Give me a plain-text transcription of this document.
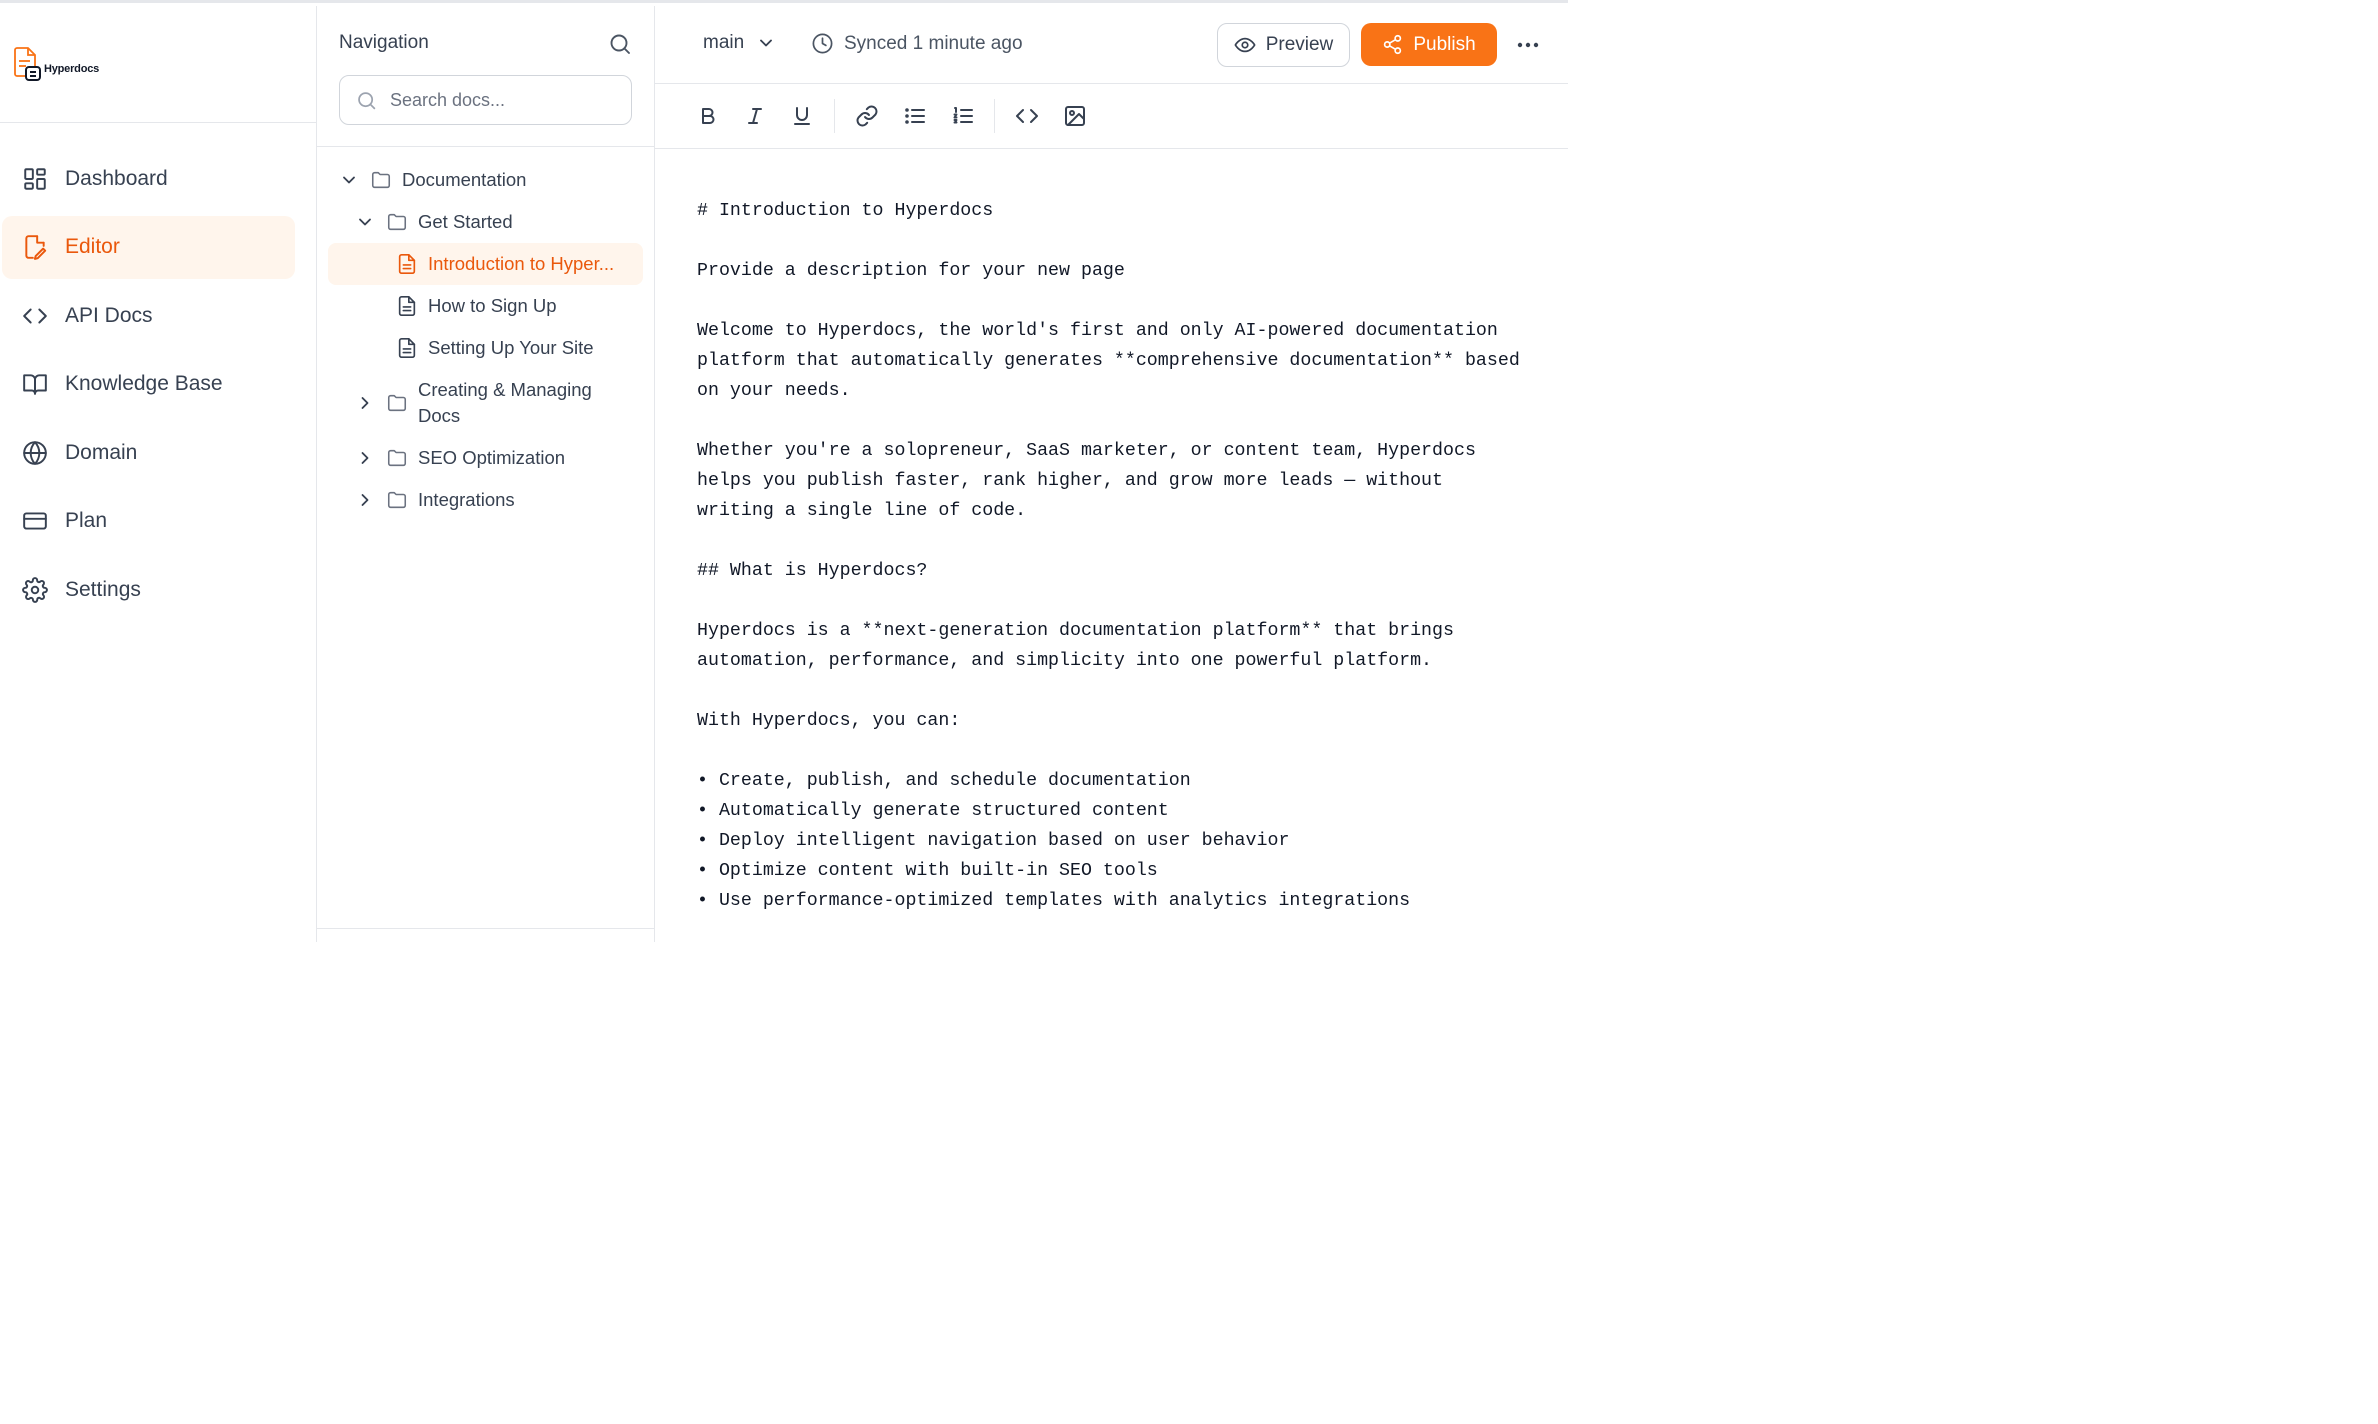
Hyperdocs
Dashboard
Editor
API Docs
Knowledge Base
Domain
Plan
Settings
Navigation
Search docs...
Documentation
Get Started
Introduction to Hyper...
How to Sign Up
Setting Up Your Site
Creating & Managing Docs
SEO Optimization
Integrations
main	Synced 1 minute ago	Preview	Publish
# Introduction to Hyperdocs
Provide a description for your new page
Welcome to Hyperdocs, the world's first and only AI-powered documentation
platform that automatically generates **comprehensive documentation** based
on your needs.
Whether you're a solopreneur, SaaS marketer, or content team, Hyperdocs
helps you publish faster, rank higher, and grow more leads — without
writing a single line of code.
## What is Hyperdocs?
Hyperdocs is a **next-generation documentation platform** that brings
automation, performance, and simplicity into one powerful platform.
With Hyperdocs, you can:
• Create, publish, and schedule documentation
• Automatically generate structured content
• Deploy intelligent navigation based on user behavior
• Optimize content with built-in SEO tools
• Use performance-optimized templates with analytics integrations
